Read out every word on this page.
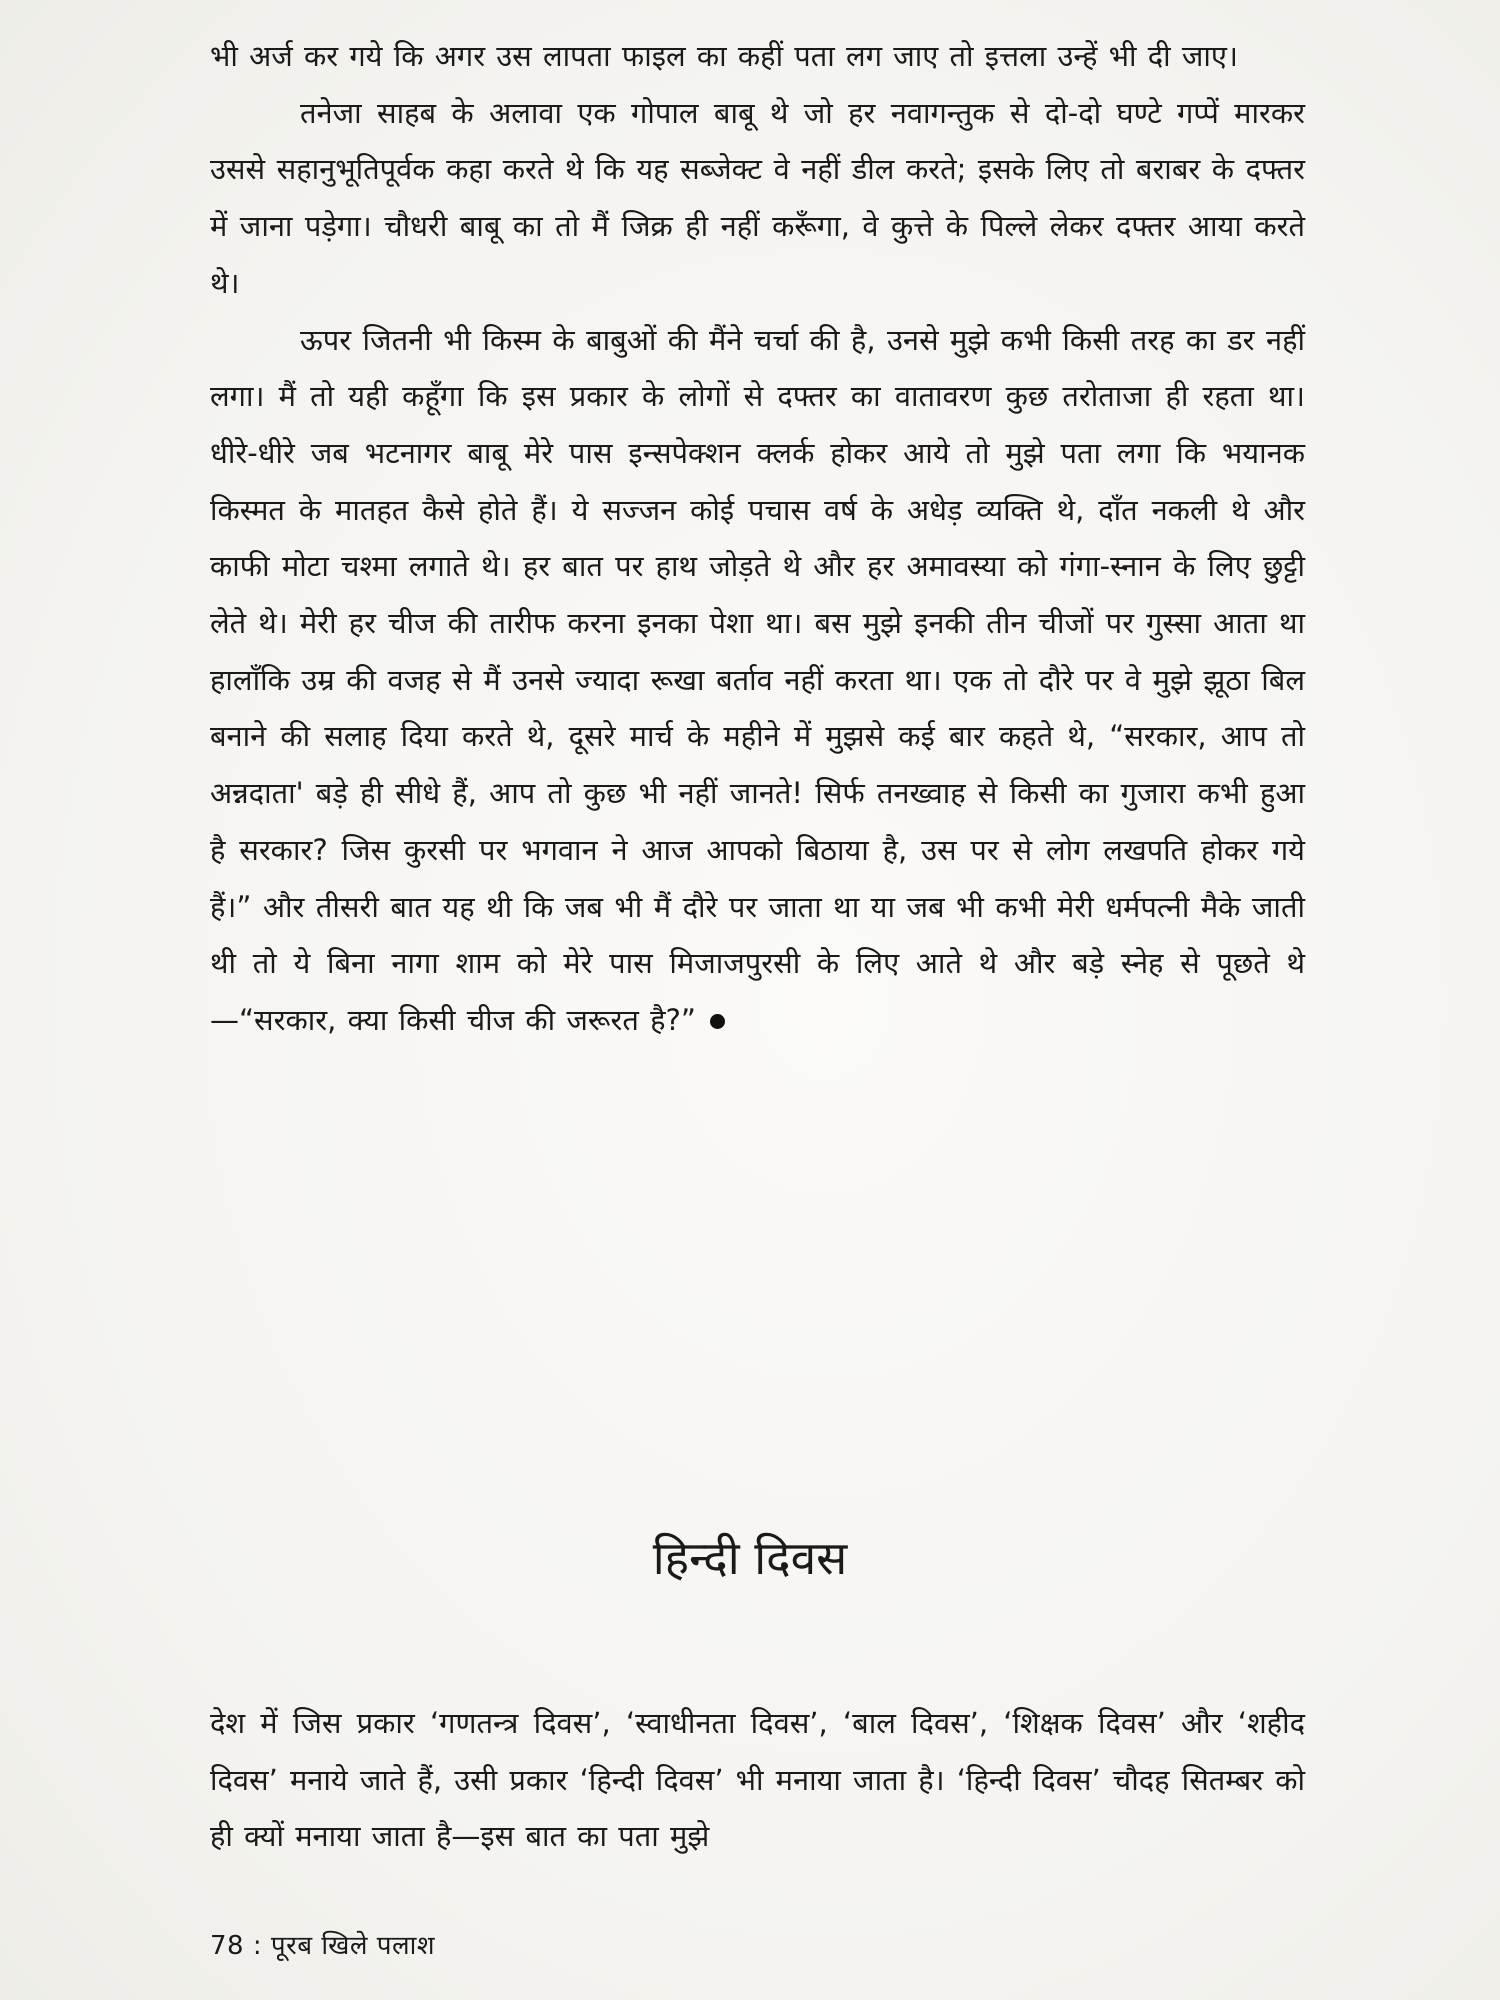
भी अर्ज कर गये कि अगर उस लापता फाइल का कहीं पता लग जाए तो इत्तला उन्हें भी दी जाए।

तनेजा साहब के अलावा एक गोपाल बाबू थे जो हर नवागन्तुक से दो-दो घण्टे गप्पें मारकर उससे सहानुभूतिपूर्वक कहा करते थे कि यह सब्जेक्ट वे नहीं डील करते; इसके लिए तो बराबर के दफ्तर में जाना पड़ेगा। चौधरी बाबू का तो मैं जिक्र ही नहीं करूँगा, वे कुत्ते के पिल्ले लेकर दफ्तर आया करते थे।

ऊपर जितनी भी किस्म के बाबुओं की मैंने चर्चा की है, उनसे मुझे कभी किसी तरह का डर नहीं लगा। मैं तो यही कहूँगा कि इस प्रकार के लोगों से दफ्तर का वातावरण कुछ तरोताजा ही रहता था। धीरे-धीरे जब भटनागर बाबू मेरे पास इन्सपेक्शन क्लर्क होकर आये तो मुझे पता लगा कि भयानक किस्मत के मातहत कैसे होते हैं। ये सज्जन कोई पचास वर्ष के अधेड़ व्यक्ति थे, दाँत नकली थे और काफी मोटा चश्मा लगाते थे। हर बात पर हाथ जोड़ते थे और हर अमावस्या को गंगा-स्नान के लिए छुट्टी लेते थे। मेरी हर चीज की तारीफ करना इनका पेशा था। बस मुझे इनकी तीन चीजों पर गुस्सा आता था हालाँकि उम्र की वजह से मैं उनसे ज्यादा रूखा बर्ताव नहीं करता था। एक तो दौरे पर वे मुझे झूठा बिल बनाने की सलाह दिया करते थे, दूसरे मार्च के महीने में मुझसे कई बार कहते थे, “सरकार, आप तो अन्नदाता' बड़े ही सीधे हैं, आप तो कुछ भी नहीं जानते! सिर्फ तनख्वाह से किसी का गुजारा कभी हुआ है सरकार? जिस कुरसी पर भगवान ने आज आपको बिठाया है, उस पर से लोग लखपति होकर गये हैं।” और तीसरी बात यह थी कि जब भी मैं दौरे पर जाता था या जब भी कभी मेरी धर्मपत्नी मैके जाती थी तो ये बिना नागा शाम को मेरे पास मिजाजपुरसी के लिए आते थे और बड़े स्नेह से पूछते थे—“सरकार, क्या किसी चीज की जरूरत है?”

हिन्दी दिवस

देश में जिस प्रकार ‘गणतन्त्र दिवस’, ‘स्वाधीनता दिवस’, ‘बाल दिवस’, ‘शिक्षक दिवस’ और ‘शहीद दिवस’ मनाये जाते हैं, उसी प्रकार ‘हिन्दी दिवस’ भी मनाया जाता है। ‘हिन्दी दिवस’ चौदह सितम्बर को ही क्यों मनाया जाता है—इस बात का पता मुझे

78 : पूरब खिले पलाश
